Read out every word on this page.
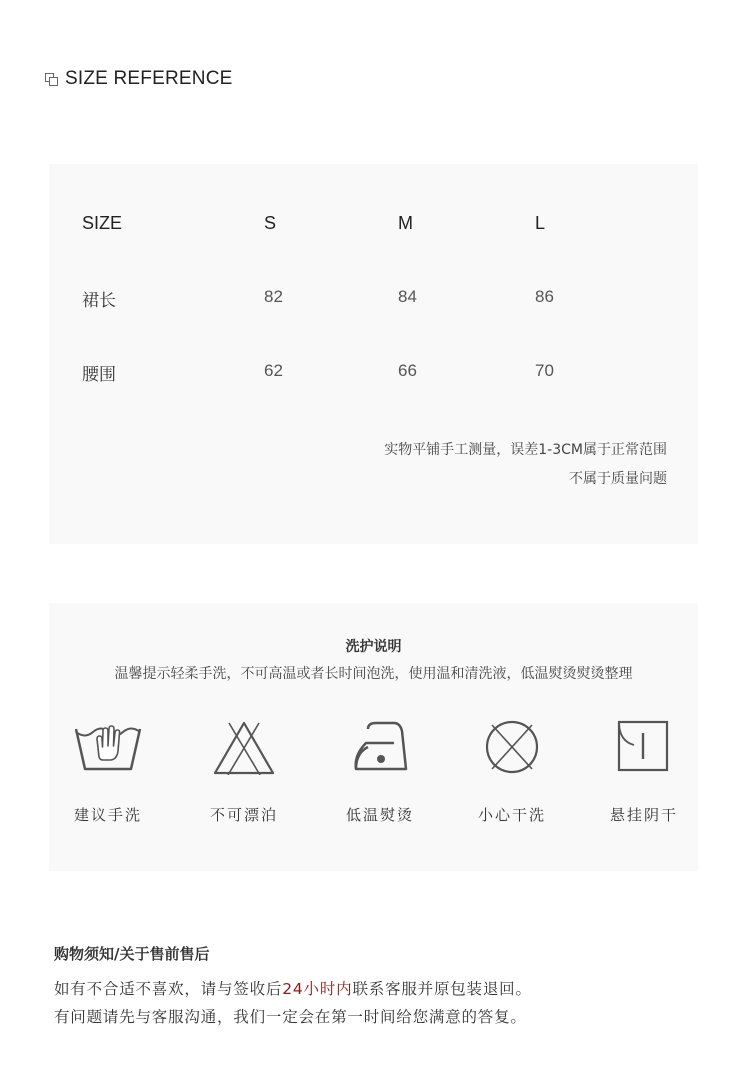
SIZE REFERENCE
SIZE	S	M	L
裙长	82	84	86
腰围	62	66	70
实物平铺手工测量，误差1-3CM属于正常范围
不属于质量问题
洗护说明
温馨提示轻柔手洗，不可高温或者长时间泡洗，使用温和清洗液，低温熨烫熨烫整理
建议手洗	不可漂泊	低温熨烫	小心干洗	悬挂阴干
购物须知/关于售前售后
如有不合适不喜欢，请与签收后24小时内联系客服并原包装退回。
有问题请先与客服沟通，我们一定会在第一时间给您满意的答复。
